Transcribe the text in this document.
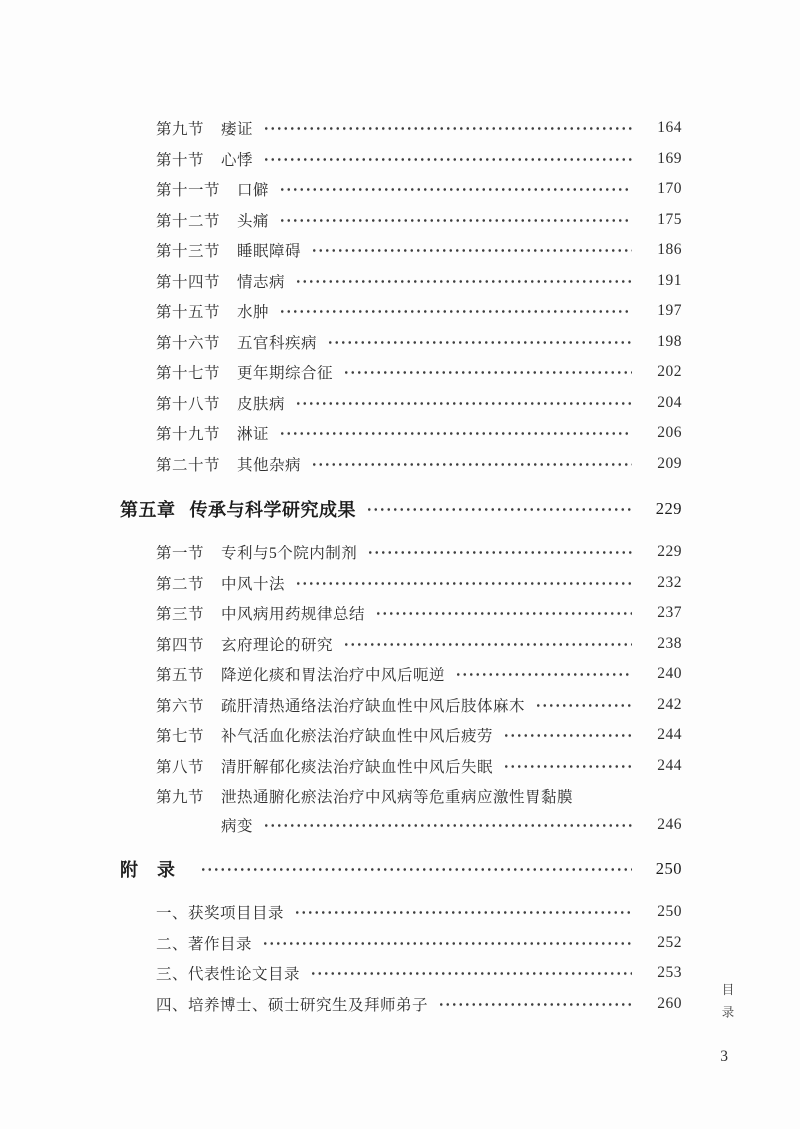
第九节 痿证	164
第十节 心悸	169
第十一节 口僻	170
第十二节 头痛	175
第十三节 睡眠障碍	186
第十四节 情志病	191
第十五节 水肿	197
第十六节 五官科疾病	198
第十七节 更年期综合征	202
第十八节 皮肤病	204
第十九节 淋证	206
第二十节 其他杂病	209
第五章 传承与科学研究成果	229
第一节 专利与5个院内制剂	229
第二节 中风十法	232
第三节 中风病用药规律总结	237
第四节 玄府理论的研究	238
第五节 降逆化痰和胃法治疗中风后呃逆	240
第六节 疏肝清热通络法治疗缺血性中风后肢体麻木	242
第七节 补气活血化瘀法治疗缺血性中风后疲劳	244
第八节 清肝解郁化痰法治疗缺血性中风后失眠	244
第九节 泄热通腑化瘀法治疗中风病等危重病应激性胃黏膜
病变	246
附　录	250
一、获奖项目目录	250
二、著作目录	252
三、代表性论文目录	253
四、培养博士、硕士研究生及拜师弟子	260	目录
3
